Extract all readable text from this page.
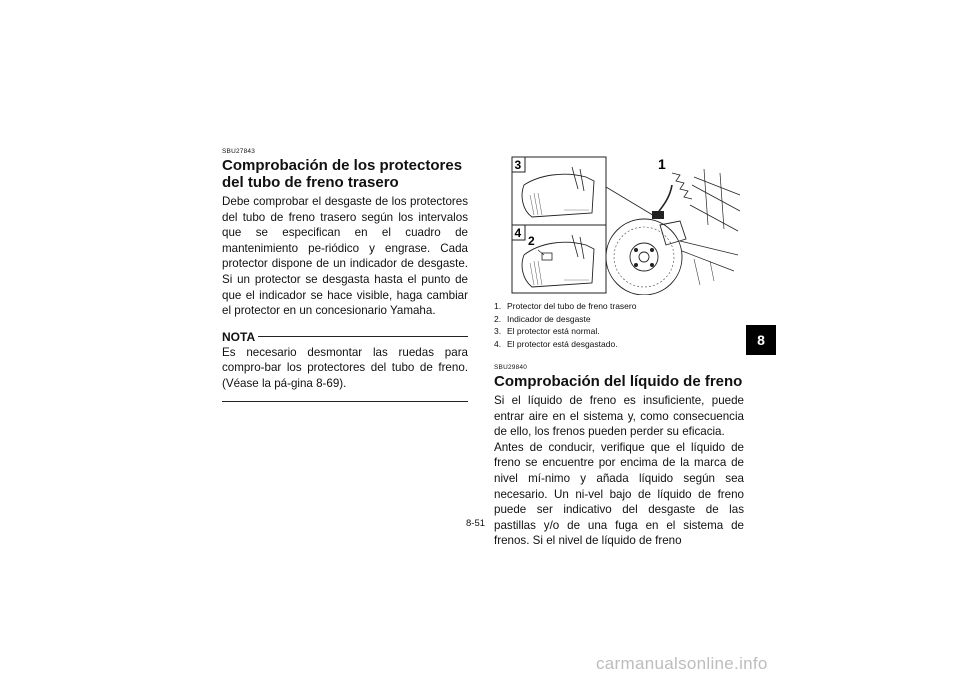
SBU27843

Comprobación de los protectores del tubo de freno trasero

Debe comprobar el desgaste de los protectores del tubo de freno trasero según los intervalos que se especifican en el cuadro de mantenimiento pe-riódico y engrase. Cada protector dispone de un indicador de desgaste. Si un protector se desgasta hasta el punto de que el indicador se hace visible, haga cambiar el protector en un concesionario Yamaha.

NOTA

Es necesario desmontar las ruedas para compro-bar los protectores del tubo de freno. (Véase la pá-gina 8-69).

3
4
2
1
1. Protector del tubo de freno trasero
2. Indicador de desgaste
3. El protector está normal.
4. El protector está desgastado.

SBU29840

Comprobación del líquido de freno

Si el líquido de freno es insuficiente, puede entrar aire en el sistema y, como consecuencia de ello, los frenos pueden perder su eficacia.
Antes de conducir, verifique que el líquido de freno se encuentre por encima de la marca de nivel mí-nimo y añada líquido según sea necesario. Un ni-vel bajo de líquido de freno puede ser indicativo del desgaste de las pastillas y/o de una fuga en el sistema de frenos. Si el nivel de líquido de freno

8
8-51
carmanualsonline.info
